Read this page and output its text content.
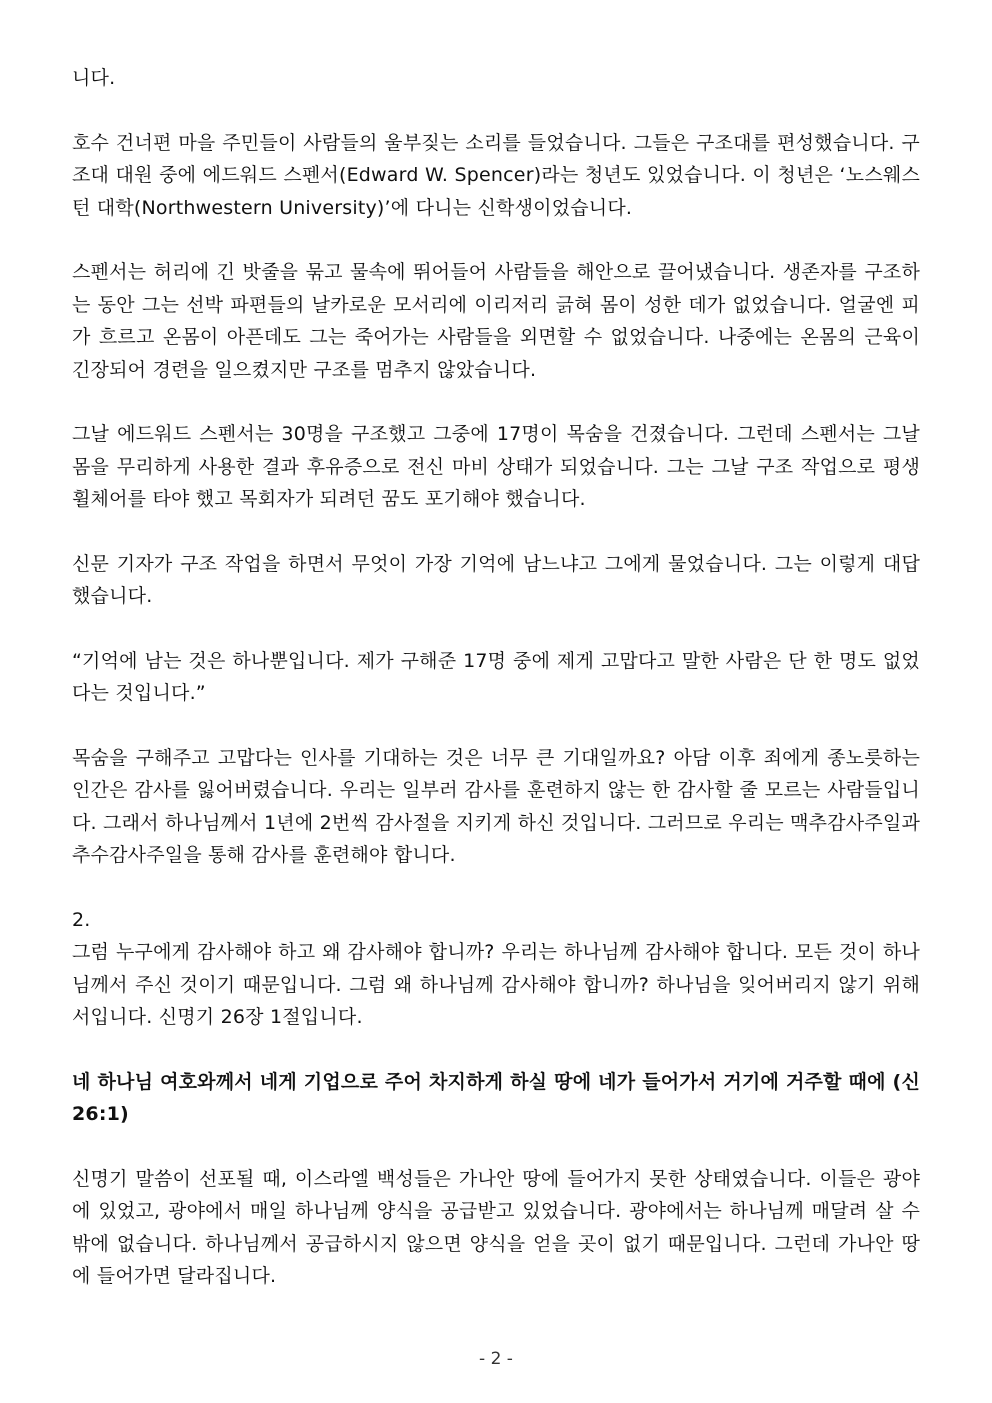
니다.

호수 건너편 마을 주민들이 사람들의 울부짖는 소리를 들었습니다. 그들은 구조대를 편성했습니다. 구조대 대원 중에 에드워드 스펜서(Edward W. Spencer)라는 청년도 있었습니다. 이 청년은 ‘노스웨스턴 대학(Northwestern University)’에 다니는 신학생이었습니다.

스펜서는 허리에 긴 밧줄을 묶고 물속에 뛰어들어 사람들을 해안으로 끌어냈습니다. 생존자를 구조하는 동안 그는 선박 파편들의 날카로운 모서리에 이리저리 긁혀 몸이 성한 데가 없었습니다. 얼굴엔 피가 흐르고 온몸이 아픈데도 그는 죽어가는 사람들을 외면할 수 없었습니다. 나중에는 온몸의 근육이 긴장되어 경련을 일으켰지만 구조를 멈추지 않았습니다.

그날 에드워드 스펜서는 30명을 구조했고 그중에 17명이 목숨을 건졌습니다. 그런데 스펜서는 그날 몸을 무리하게 사용한 결과 후유증으로 전신 마비 상태가 되었습니다. 그는 그날 구조 작업으로 평생 휠체어를 타야 했고 목회자가 되려던 꿈도 포기해야 했습니다.

신문 기자가 구조 작업을 하면서 무엇이 가장 기억에 남느냐고 그에게 물었습니다. 그는 이렇게 대답했습니다.

“기억에 남는 것은 하나뿐입니다. 제가 구해준 17명 중에 제게 고맙다고 말한 사람은 단 한 명도 없었다는 것입니다.”

목숨을 구해주고 고맙다는 인사를 기대하는 것은 너무 큰 기대일까요? 아담 이후 죄에게 종노릇하는 인간은 감사를 잃어버렸습니다. 우리는 일부러 감사를 훈련하지 않는 한 감사할 줄 모르는 사람들입니다. 그래서 하나님께서 1년에 2번씩 감사절을 지키게 하신 것입니다. 그러므로 우리는 맥추감사주일과 추수감사주일을 통해 감사를 훈련해야 합니다.

2.

그럼 누구에게 감사해야 하고 왜 감사해야 합니까? 우리는 하나님께 감사해야 합니다. 모든 것이 하나님께서 주신 것이기 때문입니다. 그럼 왜 하나님께 감사해야 합니까? 하나님을 잊어버리지 않기 위해서입니다. 신명기 26장 1절입니다.

네 하나님 여호와께서 네게 기업으로 주어 차지하게 하실 땅에 네가 들어가서 거기에 거주할 때에 (신 26:1)

신명기 말씀이 선포될 때, 이스라엘 백성들은 가나안 땅에 들어가지 못한 상태였습니다. 이들은 광야에 있었고, 광야에서 매일 하나님께 양식을 공급받고 있었습니다. 광야에서는 하나님께 매달려 살 수밖에 없습니다. 하나님께서 공급하시지 않으면 양식을 얻을 곳이 없기 때문입니다. 그런데 가나안 땅에 들어가면 달라집니다.

- 2 -
